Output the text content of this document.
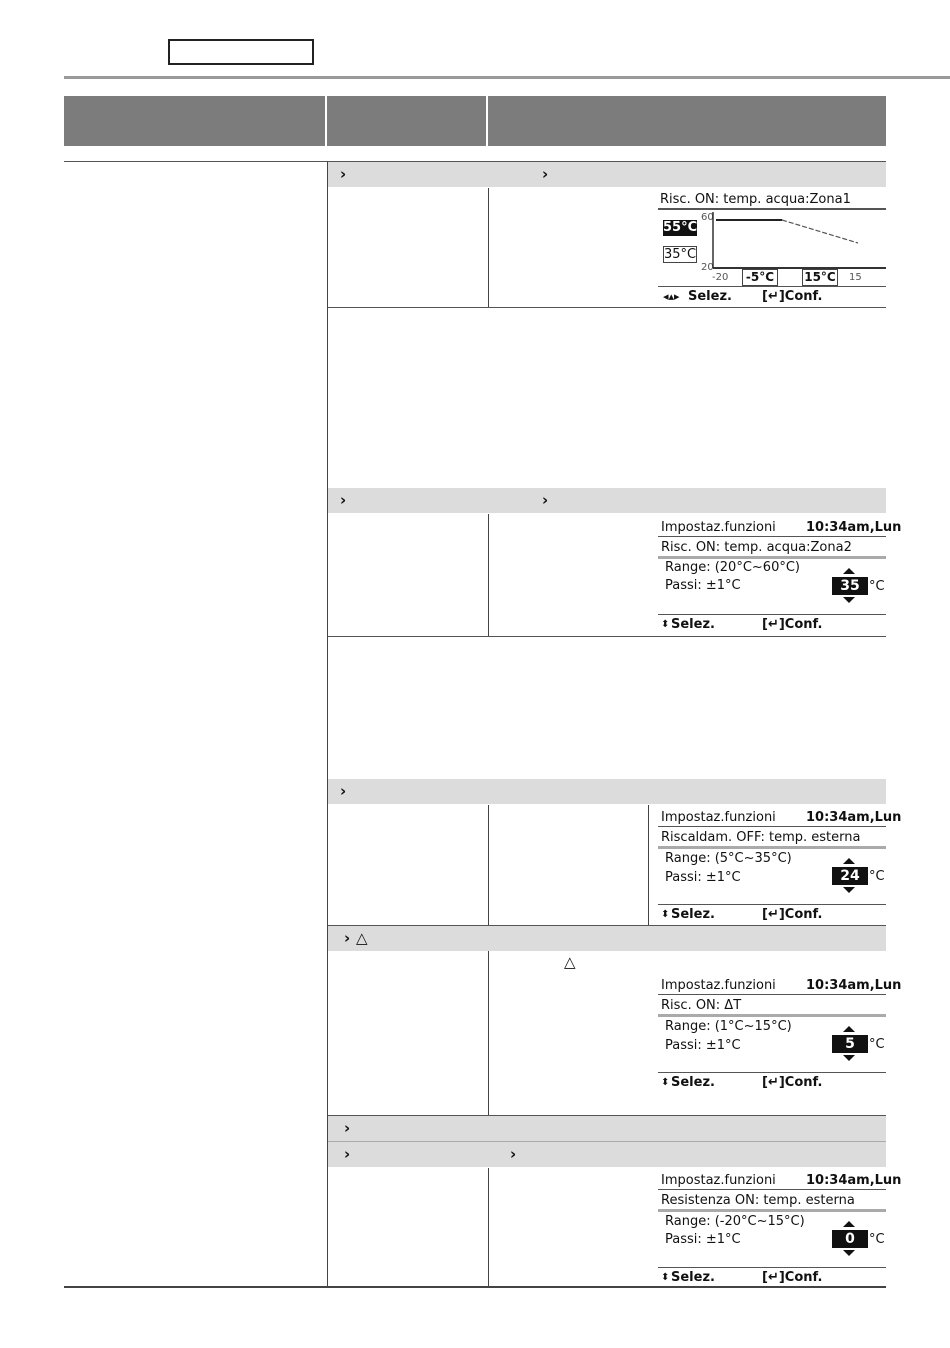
›	›
Risc. ON: temp. acqua:Zona1
55°C
35°C
60
20
-20	-5°C	15°C 15
◂▴▸ Selez. [↵]Conf.
›	›
Impostaz.funzioni 10:34am,Lun
Risc. ON: temp. acqua:Zona2
Range: (20°C~60°C)
Passi: ±1°C	35 °C
⬍ Selez.	[↵]Conf.
›
Impostaz.funzioni 10:34am,Lun
Riscaldam. OFF: temp. esterna
Range: (5°C~35°C)
Passi: ±1°C	24 °C
⬍ Selez.	[↵]Conf.
› △
△
Impostaz.funzioni 10:34am,Lun
Risc. ON: ΔT
Range: (1°C~15°C)
Passi: ±1°C	5	°C
⬍ Selez.	[↵]Conf.
›
›	›
Impostaz.funzioni 10:34am,Lun
Resistenza ON: temp. esterna
Range: (-20°C~15°C)
Passi: ±1°C	0	°C
⬍ Selez.	[↵]Conf.
